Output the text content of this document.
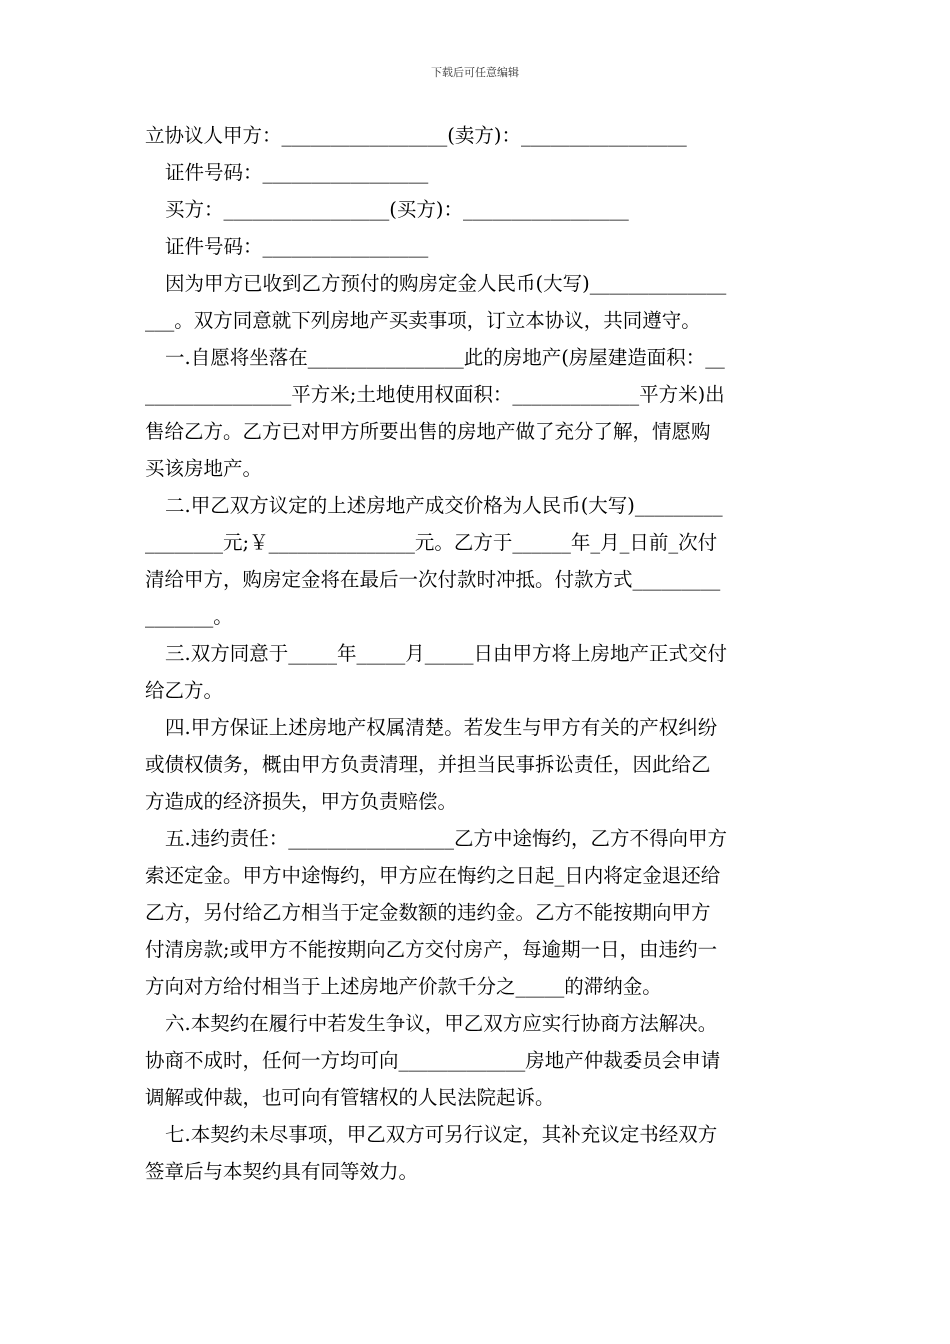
下载后可任意编辑
立协议人甲方：_________________(卖方)：_________________
证件号码：_________________
买方：_________________(买方)：_________________
证件号码：_________________
因为甲方已收到乙方预付的购房定金人民币(大写)______________
___。双方同意就下列房地产买卖事项，订立本协议，共同遵守。
一.自愿将坐落在________________此的房地产(房屋建造面积：__
_______________平方米;土地使用权面积：_____________平方米)出
售给乙方。乙方已对甲方所要出售的房地产做了充分了解，情愿购
买该房地产。
二.甲乙双方议定的上述房地产成交价格为人民币(大写)_________
________元;￥_______________元。乙方于______年_月_日前_次付
清给甲方，购房定金将在最后一次付款时冲抵。付款方式_________
_______。
三.双方同意于_____年_____月_____日由甲方将上房地产正式交付
给乙方。
四.甲方保证上述房地产权属清楚。若发生与甲方有关的产权纠纷
或债权债务，概由甲方负责清理，并担当民事拆讼责任，因此给乙
方造成的经济损失，甲方负责赔偿。
五.违约责任：_________________乙方中途悔约，乙方不得向甲方
索还定金。甲方中途悔约，甲方应在悔约之日起_日内将定金退还给
乙方，另付给乙方相当于定金数额的违约金。乙方不能按期向甲方
付清房款;或甲方不能按期向乙方交付房产，每逾期一日，由违约一
方向对方给付相当于上述房地产价款千分之_____的滞纳金。
六.本契约在履行中若发生争议，甲乙双方应实行协商方法解决。
协商不成时，任何一方均可向_____________房地产仲裁委员会申请
调解或仲裁，也可向有管辖权的人民法院起诉。
七.本契约未尽事项，甲乙双方可另行议定，其补充议定书经双方
签章后与本契约具有同等效力。
